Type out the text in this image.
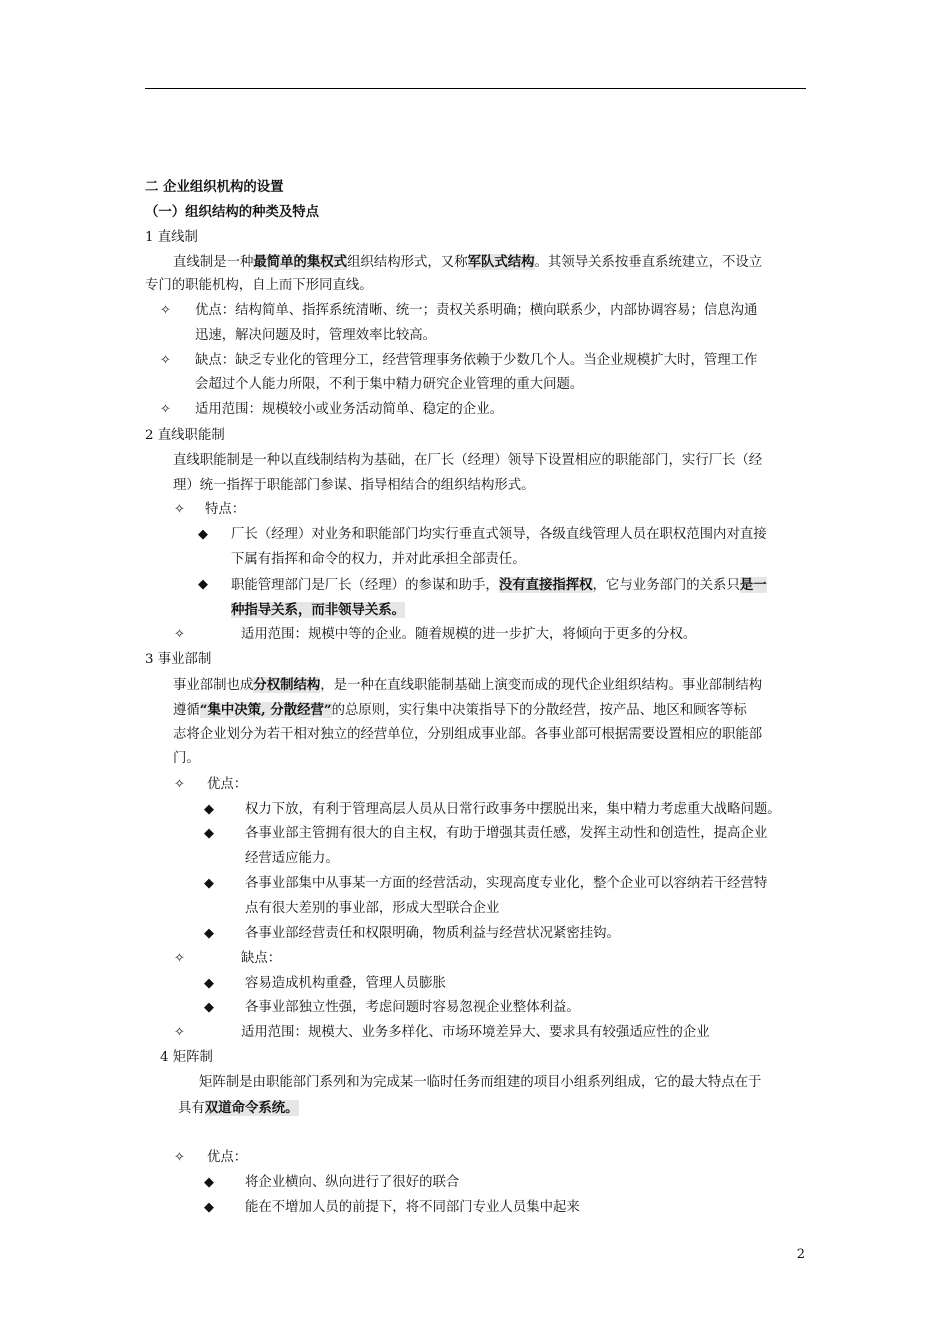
二 企业组织机构的设置
（一）组织结构的种类及特点
1 直线制
直线制是一种最简单的集权式组织结构形式，又称军队式结构。其领导关系按垂直系统建立，不设立
专门的职能机构，自上而下形同直线。
✧ 优点：结构简单、指挥系统清晰、统一；责权关系明确；横向联系少，内部协调容易；信息沟通
迅速，解决问题及时，管理效率比较高。
✧ 缺点：缺乏专业化的管理分工，经营管理事务依赖于少数几个人。当企业规模扩大时，管理工作
会超过个人能力所限，不利于集中精力研究企业管理的重大问题。
✧ 适用范围：规模较小或业务活动简单、稳定的企业。
2 直线职能制
直线职能制是一种以直线制结构为基础，在厂长（经理）领导下设置相应的职能部门，实行厂长（经
理）统一指挥于职能部门参谋、指导相结合的组织结构形式。
✧ 特点：
◆ 厂长（经理）对业务和职能部门均实行垂直式领导，各级直线管理人员在职权范围内对直接
下属有指挥和命令的权力，并对此承担全部责任。
◆ 职能管理部门是厂长（经理）的参谋和助手，没有直接指挥权，它与业务部门的关系只是一
种指导关系，而非领导关系。
✧	适用范围：规模中等的企业。随着规模的进一步扩大，将倾向于更多的分权。
3 事业部制
事业部制也成分权制结构，是一种在直线职能制基础上演变而成的现代企业组织结构。事业部制结构
遵循“集中决策, 分散经营”的总原则，实行集中决策指导下的分散经营，按产品、地区和顾客等标
志将企业划分为若干相对独立的经营单位，分别组成事业部。各事业部可根据需要设置相应的职能部
门。
✧ 优点：
◆ 权力下放，有利于管理高层人员从日常行政事务中摆脱出来，集中精力考虑重大战略问题。
◆ 各事业部主管拥有很大的自主权，有助于增强其责任感，发挥主动性和创造性，提高企业
经营适应能力。
◆ 各事业部集中从事某一方面的经营活动，实现高度专业化，整个企业可以容纳若干经营特
点有很大差别的事业部，形成大型联合企业
◆ 各事业部经营责任和权限明确，物质利益与经营状况紧密挂钩。
✧	缺点：
◆ 容易造成机构重叠，管理人员膨胀
◆ 各事业部独立性强，考虑问题时容易忽视企业整体利益。
✧	适用范围：规模大、业务多样化、市场环境差异大、要求具有较强适应性的企业
4 矩阵制
矩阵制是由职能部门系列和为完成某一临时任务而组建的项目小组系列组成，它的最大特点在于
具有双道命令系统。
✧ 优点：
◆ 将企业横向、纵向进行了很好的联合
◆ 能在不增加人员的前提下，将不同部门专业人员集中起来
2
